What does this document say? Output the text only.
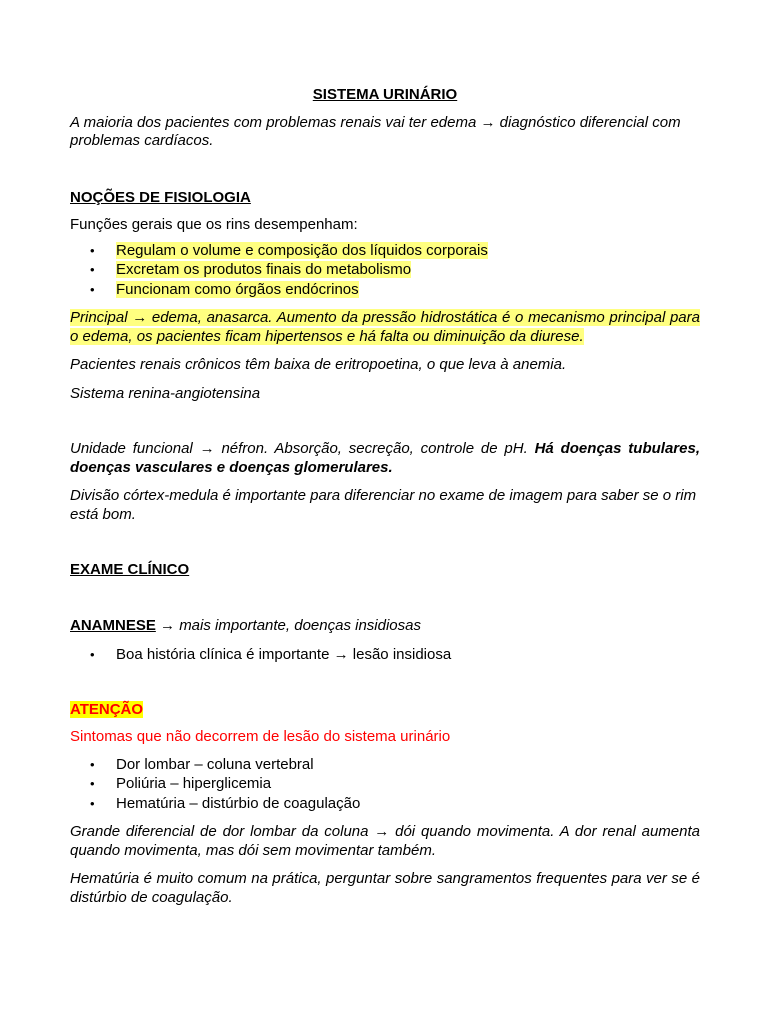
SISTEMA URINÁRIO

A maioria dos pacientes com problemas renais vai ter edema → diagnóstico diferencial com problemas cardíacos.

NOÇÕES DE FISIOLOGIA

Funções gerais que os rins desempenham:

• Regulam o volume e composição dos líquidos corporais
• Excretam os produtos finais do metabolismo
• Funcionam como órgãos endócrinos

Principal → edema, anasarca. Aumento da pressão hidrostática é o mecanismo principal para o edema, os pacientes ficam hipertensos e há falta ou diminuição da diurese.

Pacientes renais crônicos têm baixa de eritropoetina, o que leva à anemia.

Sistema renina-angiotensina

Unidade funcional → néfron. Absorção, secreção, controle de pH. Há doenças tubulares, doenças vasculares e doenças glomerulares.

Divisão córtex-medula é importante para diferenciar no exame de imagem para saber se o rim está bom.

EXAME CLÍNICO

ANAMNESE → mais importante, doenças insidiosas

• Boa história clínica é importante → lesão insidiosa

ATENÇÃO

Sintomas que não decorrem de lesão do sistema urinário

• Dor lombar – coluna vertebral
• Poliúria – hiperglicemia
• Hematúria – distúrbio de coagulação

Grande diferencial de dor lombar da coluna → dói quando movimenta. A dor renal aumenta quando movimenta, mas dói sem movimentar também.

Hematúria é muito comum na prática, perguntar sobre sangramentos frequentes para ver se é distúrbio de coagulação.
